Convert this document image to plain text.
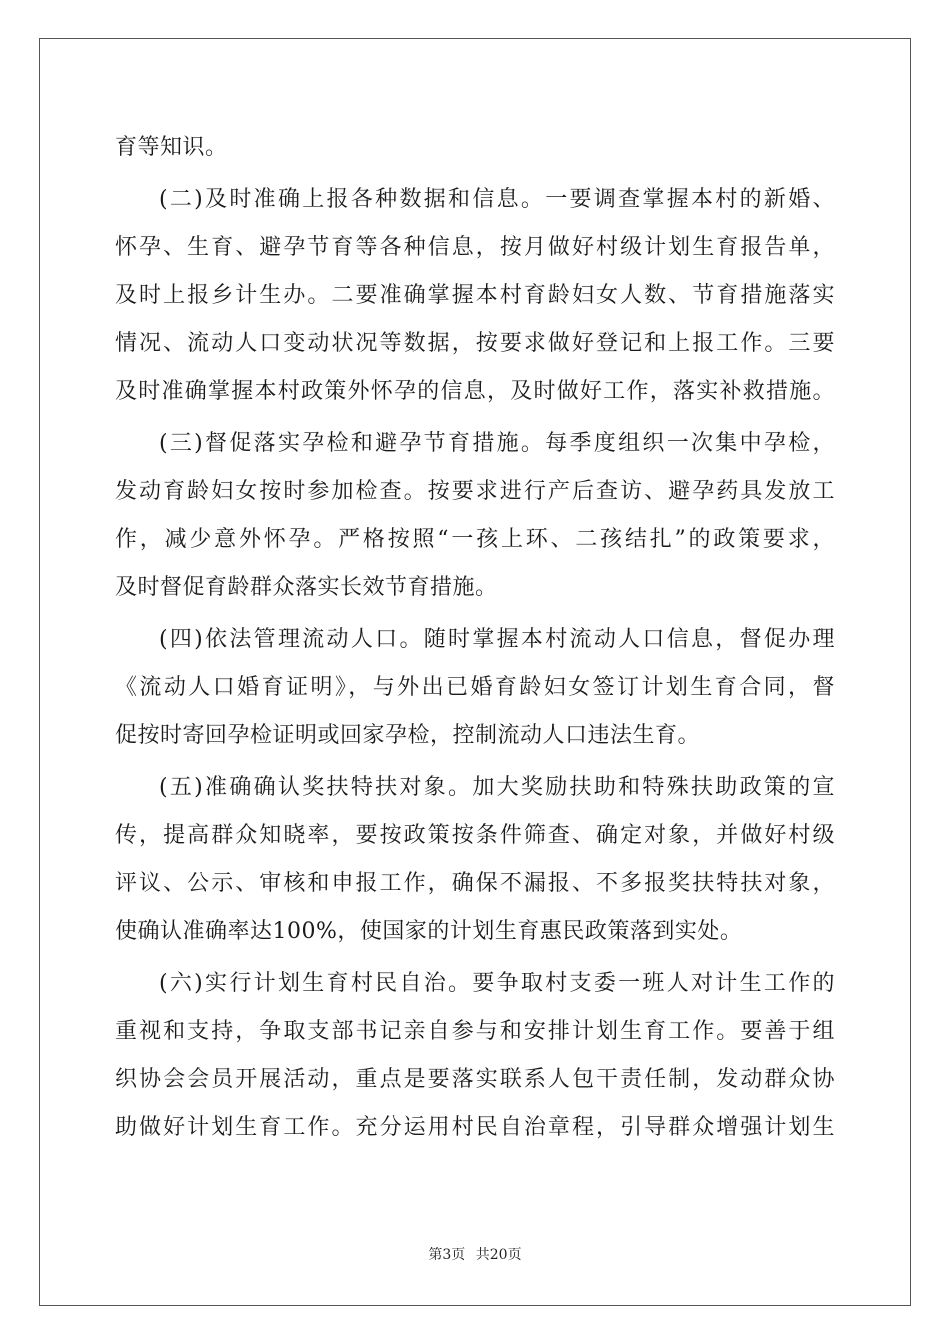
育等知识。
(二)及时准确上报各种数据和信息。一要调查掌握本村的新婚、
怀孕、生育、避孕节育等各种信息，按月做好村级计划生育报告单，
及时上报乡计生办。二要准确掌握本村育龄妇女人数、节育措施落实
情况、流动人口变动状况等数据，按要求做好登记和上报工作。三要
及时准确掌握本村政策外怀孕的信息，及时做好工作，落实补救措施。
(三)督促落实孕检和避孕节育措施。每季度组织一次集中孕检，
发动育龄妇女按时参加检查。按要求进行产后查访、避孕药具发放工
作，减少意外怀孕。严格按照“一孩上环、二孩结扎”的政策要求，
及时督促育龄群众落实长效节育措施。
(四)依法管理流动人口。随时掌握本村流动人口信息，督促办理
《流动人口婚育证明》，与外出已婚育龄妇女签订计划生育合同，督
促按时寄回孕检证明或回家孕检，控制流动人口违法生育。
(五)准确确认奖扶特扶对象。加大奖励扶助和特殊扶助政策的宣
传，提高群众知晓率，要按政策按条件筛查、确定对象，并做好村级
评议、公示、审核和申报工作，确保不漏报、不多报奖扶特扶对象，
使确认准确率达100%，使国家的计划生育惠民政策落到实处。
(六)实行计划生育村民自治。要争取村支委一班人对计生工作的
重视和支持，争取支部书记亲自参与和安排计划生育工作。要善于组
织协会会员开展活动，重点是要落实联系人包干责任制，发动群众协
助做好计划生育工作。充分运用村民自治章程，引导群众增强计划生
第3页 共20页
